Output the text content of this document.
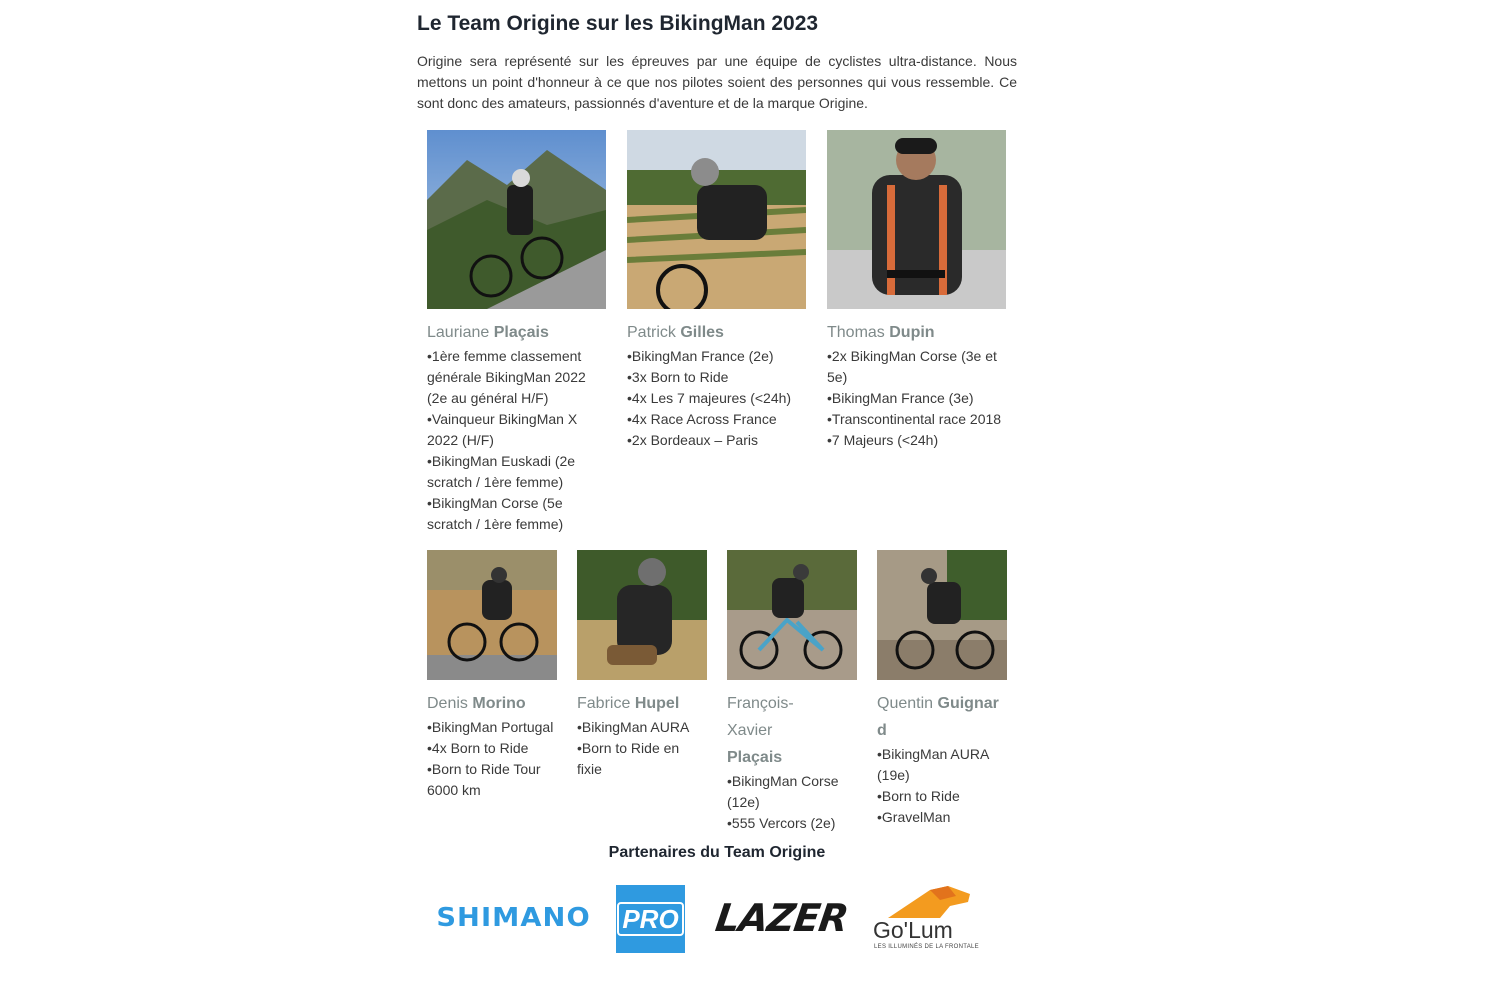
Le Team Origine sur les BikingMan 2023

Origine sera représenté sur les épreuves par une équipe de cyclistes ultra-distance. Nous mettons un point d'honneur à ce que nos pilotes soient des personnes qui vous ressemble. Ce sont donc des amateurs, passionnés d'aventure et de la marque Origine.

Lauriane Plaçais

• 1ère femme classement générale BikingMan 2022 (2e au général H/F)
• Vainqueur BikingMan X 2022 (H/F)
• BikingMan Euskadi (2e scratch / 1ère femme)
• BikingMan Corse (5e scratch / 1ère femme)

Patrick Gilles

• BikingMan France (2e)
• 3x Born to Ride
• 4x Les 7 majeures (<24h)
• 4x Race Across France
• 2x Bordeaux – Paris

Thomas Dupin

• 2x BikingMan Corse (3e et 5e)
• BikingMan France (3e)
• Transcontinental race 2018
• 7 Majeurs (<24h)

Denis Morino

• BikingMan Portugal
• 4x Born to Ride
• Born to Ride Tour 6000 km

Fabrice Hupel

• BikingMan AURA
• Born to Ride en fixie

François-Xavier Plaçais

• BikingMan Corse (12e)
• 555 Vercors (2e)

Quentin Guignard

• BikingMan AURA (19e)
• Born to Ride
• GravelMan
Partenaires du Team Origine
SHIMANO PRO LAZER Go'Lum
LES ILLUMINÉS DE LA FRONTALE
